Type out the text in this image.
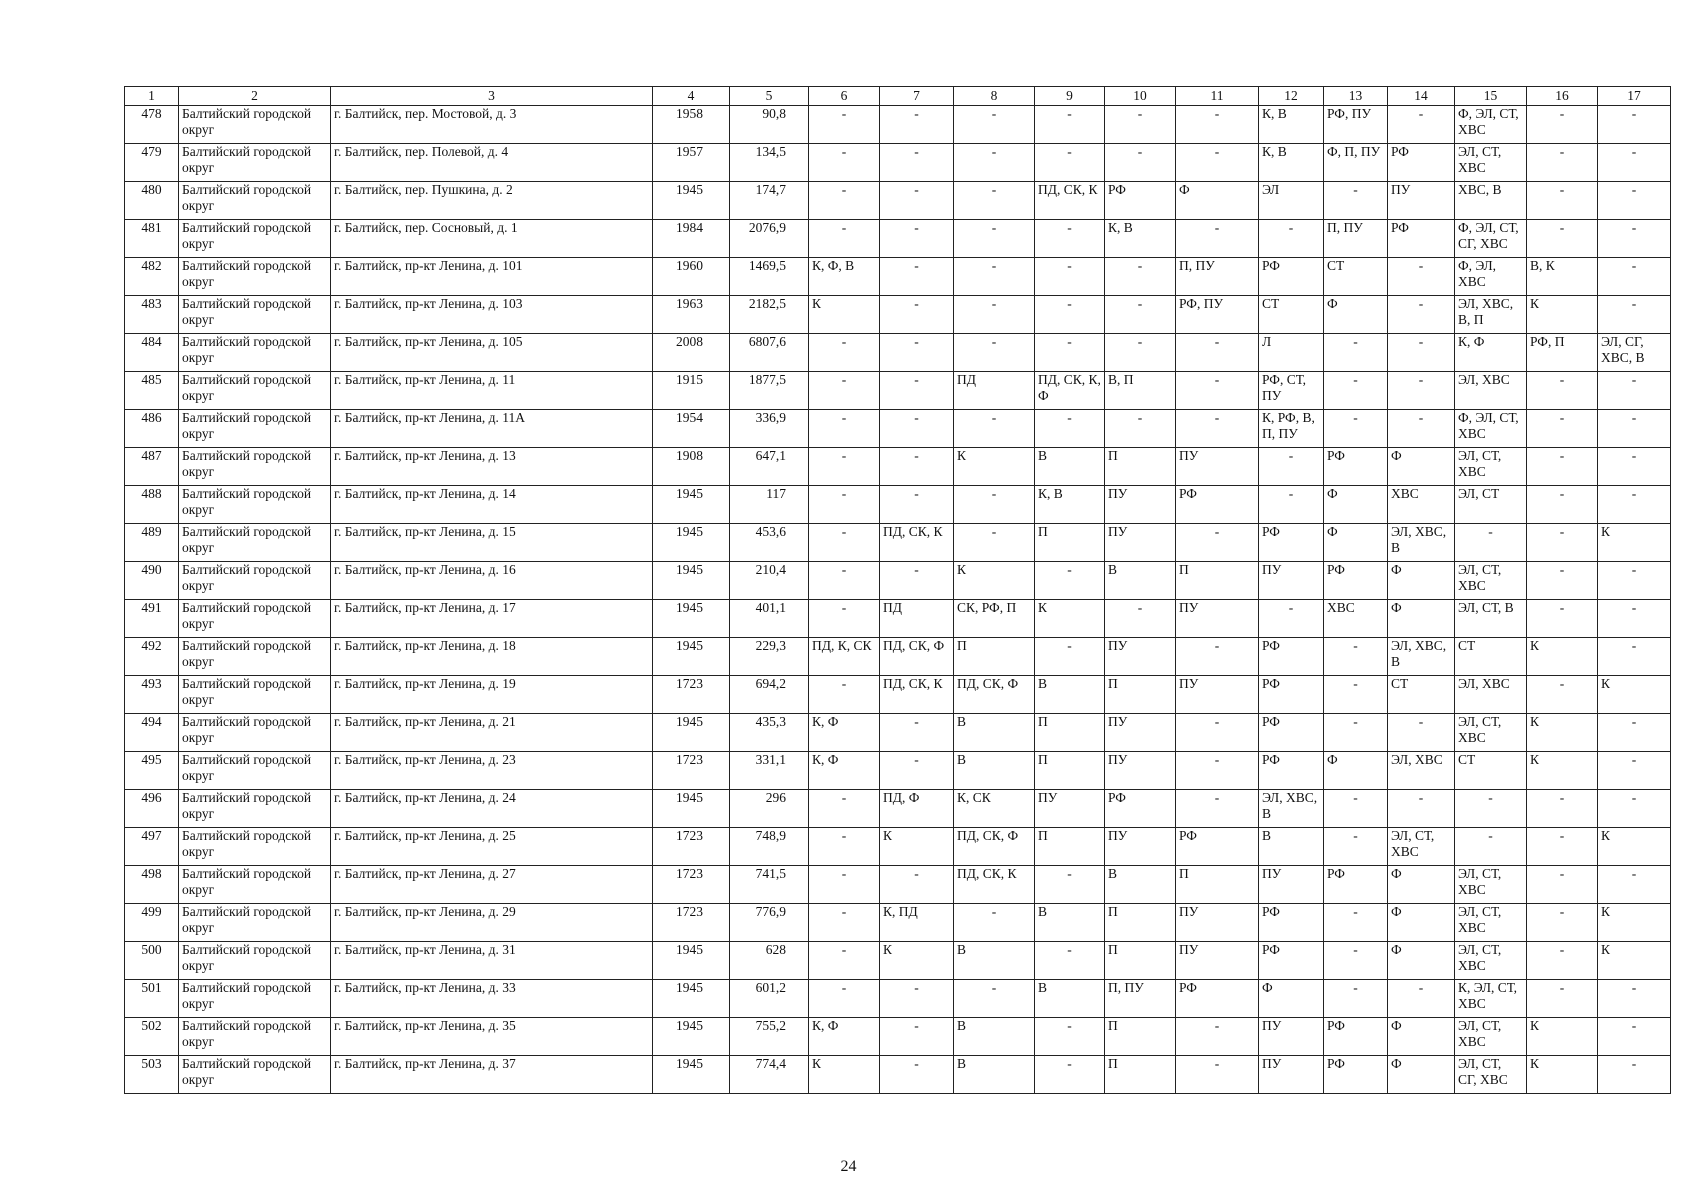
1	2	3	4	5	6	7	8	9	10	11	12	13	14	15	16	17
478	Балтийский городской округ	г. Балтийск, пер. Мостовой, д. 3	1958	90,8	-	-	-	-	-	-	К, В	РФ, ПУ	-	Ф, ЭЛ, СТ, ХВС	-	-
479	Балтийский городской округ	г. Балтийск, пер. Полевой, д. 4	1957	134,5	-	-	-	-	-	-	К, В	Ф, П, ПУ	РФ	ЭЛ, СТ, ХВС	-	-
480	Балтийский городской округ	г. Балтийск, пер. Пушкина, д. 2	1945	174,7	-	-	-	ПД, СК, К	РФ	Ф	ЭЛ	-	ПУ	ХВС, В	-	-
481	Балтийский городской округ	г. Балтийск, пер. Сосновый, д. 1	1984	2076,9	-	-	-	-	К, В	-	-	П, ПУ	РФ	Ф, ЭЛ, СТ, СГ, ХВС	-	-
482	Балтийский городской округ	г. Балтийск, пр-кт Ленина, д. 101	1960	1469,5	К, Ф, В	-	-	-	-	П, ПУ	РФ	СТ	-	Ф, ЭЛ, ХВС	В, К	-
483	Балтийский городской округ	г. Балтийск, пр-кт Ленина, д. 103	1963	2182,5	К	-	-	-	-	РФ, ПУ	СТ	Ф	-	ЭЛ, ХВС, В, П	К	-
484	Балтийский городской округ	г. Балтийск, пр-кт Ленина, д. 105	2008	6807,6	-	-	-	-	-	-	Л	-	-	К, Ф	РФ, П	ЭЛ, СГ, ХВС, В
485	Балтийский городской округ	г. Балтийск, пр-кт Ленина, д. 11	1915	1877,5	-	-	ПД	ПД, СК, К, Ф	В, П	-	РФ, СТ, ПУ	-	-	ЭЛ, ХВС	-	-
486	Балтийский городской округ	г. Балтийск, пр-кт Ленина, д. 11А	1954	336,9	-	-	-	-	-	-	К, РФ, В, П, ПУ	-	-	Ф, ЭЛ, СТ, ХВС	-	-
487	Балтийский городской округ	г. Балтийск, пр-кт Ленина, д. 13	1908	647,1	-	-	К	В	П	ПУ	-	РФ	Ф	ЭЛ, СТ, ХВС	-	-
488	Балтийский городской округ	г. Балтийск, пр-кт Ленина, д. 14	1945	117	-	-	-	К, В	ПУ	РФ	-	Ф	ХВС	ЭЛ, СТ	-	-
489	Балтийский городской округ	г. Балтийск, пр-кт Ленина, д. 15	1945	453,6	-	ПД, СК, К	-	П	ПУ	-	РФ	Ф	ЭЛ, ХВС, В	-	-	К
490	Балтийский городской округ	г. Балтийск, пр-кт Ленина, д. 16	1945	210,4	-	-	К	-	В	П	ПУ	РФ	Ф	ЭЛ, СТ, ХВС	-	-
491	Балтийский городской округ	г. Балтийск, пр-кт Ленина, д. 17	1945	401,1	-	ПД	СК, РФ, П	К	-	ПУ	-	ХВС	Ф	ЭЛ, СТ, В	-	-
492	Балтийский городской округ	г. Балтийск, пр-кт Ленина, д. 18	1945	229,3	ПД, К, СК	ПД, СК, Ф	П	-	ПУ	-	РФ	-	ЭЛ, ХВС, В	СТ	К	-
493	Балтийский городской округ	г. Балтийск, пр-кт Ленина, д. 19	1723	694,2	-	ПД, СК, К	ПД, СК, Ф	В	П	ПУ	РФ	-	СТ	ЭЛ, ХВС	-	К
494	Балтийский городской округ	г. Балтийск, пр-кт Ленина, д. 21	1945	435,3	К, Ф	-	В	П	ПУ	-	РФ	-	-	ЭЛ, СТ, ХВС	К	-
495	Балтийский городской округ	г. Балтийск, пр-кт Ленина, д. 23	1723	331,1	К, Ф	-	В	П	ПУ	-	РФ	Ф	ЭЛ, ХВС	СТ	К	-
496	Балтийский городской округ	г. Балтийск, пр-кт Ленина, д. 24	1945	296	-	ПД, Ф	К, СК	ПУ	РФ	-	ЭЛ, ХВС, В	-	-	-	-	-
497	Балтийский городской округ	г. Балтийск, пр-кт Ленина, д. 25	1723	748,9	-	К	ПД, СК, Ф	П	ПУ	РФ	В	-	ЭЛ, СТ, ХВС	-	-	К
498	Балтийский городской округ	г. Балтийск, пр-кт Ленина, д. 27	1723	741,5	-	-	ПД, СК, К	-	В	П	ПУ	РФ	Ф	ЭЛ, СТ, ХВС	-	-
499	Балтийский городской округ	г. Балтийск, пр-кт Ленина, д. 29	1723	776,9	-	К, ПД	-	В	П	ПУ	РФ	-	Ф	ЭЛ, СТ, ХВС	-	К
500	Балтийский городской округ	г. Балтийск, пр-кт Ленина, д. 31	1945	628	-	К	В	-	П	ПУ	РФ	-	Ф	ЭЛ, СТ, ХВС	-	К
501	Балтийский городской округ	г. Балтийск, пр-кт Ленина, д. 33	1945	601,2	-	-	-	В	П, ПУ	РФ	Ф	-	-	К, ЭЛ, СТ, ХВС	-	-
502	Балтийский городской округ	г. Балтийск, пр-кт Ленина, д. 35	1945	755,2	К, Ф	-	В	-	П	-	ПУ	РФ	Ф	ЭЛ, СТ, ХВС	К	-
503	Балтийский городской округ	г. Балтийск, пр-кт Ленина, д. 37	1945	774,4	К	-	В	-	П	-	ПУ	РФ	Ф	ЭЛ, СТ, СГ, ХВС	К	-
24
